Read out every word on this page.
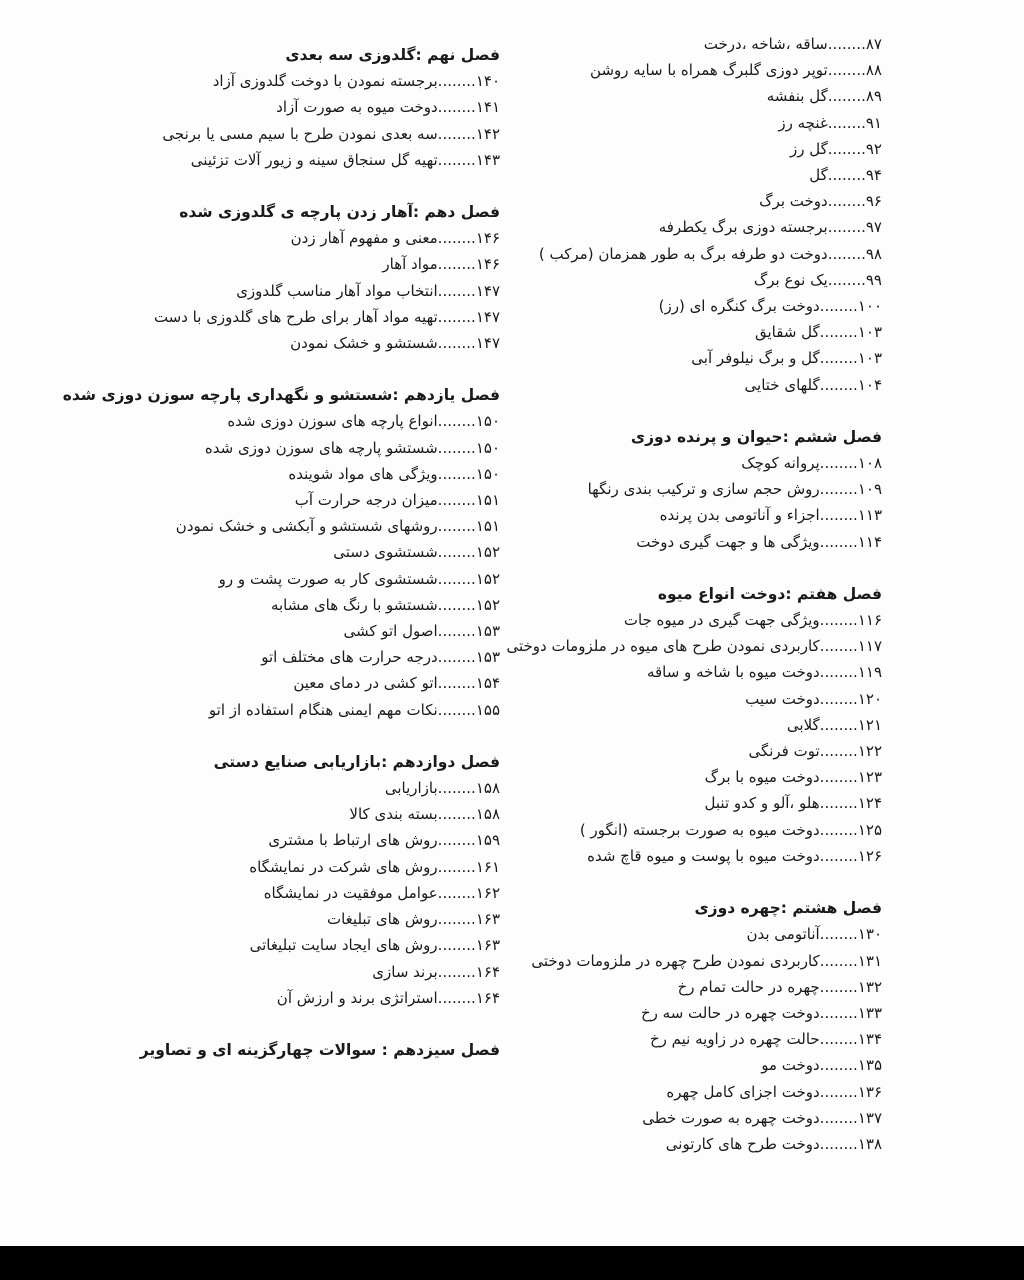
۸۷........ساقه ،شاخه ،درخت
۸۸........توپر دوزی گلبرگ همراه با سایه روشن
۸۹........گل بنفشه
۹۱........غنچه رز
۹۲........گل رز
۹۴........گل
۹۶........دوخت برگ
۹۷........برجسته دوزی برگ یکطرفه
۹۸........دوخت دو طرفه برگ به طور همزمان (مرکب )
۹۹........یک نوع برگ
۱۰۰........دوخت برگ کنگره ای (رز)
۱۰۳........گل شقایق
۱۰۳........گل و برگ نیلوفر آبی
۱۰۴........گلهای ختایی
فصل ششم :حیوان و پرنده دوزی
۱۰۸........پروانه کوچک
۱۰۹........روش حجم سازی و ترکیب بندی رنگها
۱۱۳........اجزاء و آناتومی بدن پرنده
۱۱۴........ویژگی ها و جهت گیری دوخت
فصل هفتم :دوخت انواع میوه
۱۱۶........ویژگی جهت گیری در میوه جات
۱۱۷........کاربردی نمودن طرح های میوه در ملزومات دوختی
۱۱۹........دوخت میوه با شاخه و ساقه
۱۲۰........دوخت سیب
۱۲۱........گلابی
۱۲۲........توت فرنگی
۱۲۳........دوخت میوه با برگ
۱۲۴........هلو ،آلو و کدو تنبل
۱۲۵........دوخت میوه به صورت برجسته (انگور )
۱۲۶........دوخت میوه با پوست و میوه قاچ شده
فصل هشتم :چهره دوزی
۱۳۰........آناتومی بدن
۱۳۱........کاربردی نمودن طرح چهره در ملزومات دوختی
۱۳۲........چهره در حالت تمام رخ
۱۳۳........دوخت چهره در حالت سه رخ
۱۳۴........حالت چهره در زاویه نیم رخ
۱۳۵........دوخت مو
۱۳۶........دوخت اجزای کامل چهره
۱۳۷........دوخت چهره به صورت خطی
۱۳۸........دوخت طرح های کارتونی
فصل نهم :گلدوزی سه بعدی
۱۴۰........برجسته نمودن با دوخت گلدوزی آزاد
۱۴۱........دوخت میوه به صورت آزاد
۱۴۲........سه بعدی نمودن طرح با سیم مسی یا برنجی
۱۴۳........تهیه گل سنجاق سینه و زیور آلات تزئینی
فصل دهم :آهار زدن پارچه ی گلدوزی شده
۱۴۶........معنی و مفهوم آهار زدن
۱۴۶........مواد آهار
۱۴۷........انتخاب مواد آهار مناسب گلدوزی
۱۴۷........تهیه مواد آهار برای طرح های گلدوزی با دست
۱۴۷........شستشو و خشک نمودن
فصل یازدهم :شستشو و نگهداری پارچه سوزن دوزی شده
۱۵۰........انواع پارچه های سوزن دوزی شده
۱۵۰........شستشو پارچه های سوزن دوزی شده
۱۵۰........ویژگی های مواد شوینده
۱۵۱........میزان درجه حرارت آب
۱۵۱........روشهای شستشو و آبکشی و خشک نمودن
۱۵۲........شستشوی دستی
۱۵۲........شستشوی کار به صورت پشت و رو
۱۵۲........شستشو با رنگ های مشابه
۱۵۳........اصول اتو کشی
۱۵۳........درجه حرارت های مختلف اتو
۱۵۴........اتو کشی در دمای معین
۱۵۵........نکات مهم ایمنی هنگام استفاده از اتو
فصل دوازدهم :بازاریابی صنایع دستی
۱۵۸........بازاریابی
۱۵۸........بسته بندی کالا
۱۵۹........روش های ارتباط با مشتری
۱۶۱........روش های شرکت در نمایشگاه
۱۶۲........عوامل موفقیت در نمایشگاه
۱۶۳........روش های تبلیغات
۱۶۳........روش های ایجاد سایت تبلیغاتی
۱۶۴........برند سازی
۱۶۴........استراتژی برند و ارزش آن
فصل سیزدهم : سوالات چهارگزینه ای و تصاویر
